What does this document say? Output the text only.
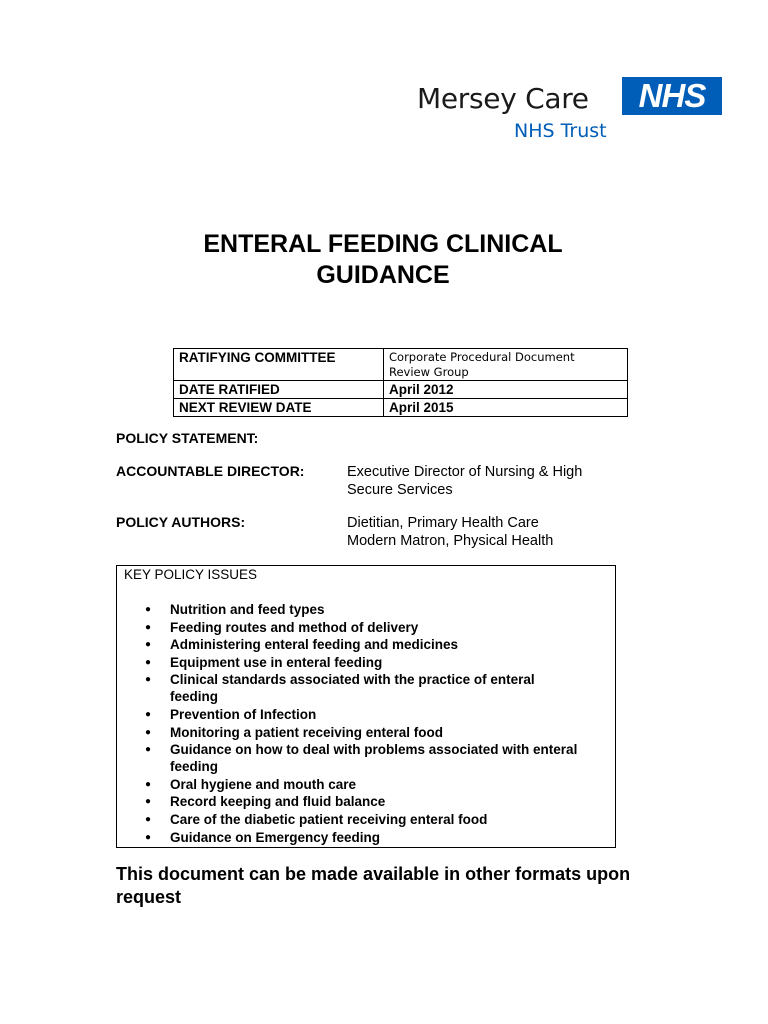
Mersey Care	NHS
NHS Trust
ENTERAL FEEDING CLINICAL
GUIDANCE
RATIFYING COMMITTEE	Corporate Procedural Document
Review Group

DATE RATIFIED	April 2012
NEXT REVIEW DATE	April 2015
POLICY STATEMENT:
ACCOUNTABLE DIRECTOR:	Executive Director of Nursing & High
Secure Services
POLICY AUTHORS:	Dietitian, Primary Health Care
Modern Matron, Physical Health
KEY POLICY ISSUES
● Nutrition and feed types
● Feeding routes and method of delivery
● Administering enteral feeding and medicines
● Equipment use in enteral feeding
● Clinical standards associated with the practice of enteral feeding
● Prevention of Infection
● Monitoring a patient receiving enteral food
● Guidance on how to deal with problems associated with enteral feeding
● Oral hygiene and mouth care
● Record keeping and fluid balance
● Care of the diabetic patient receiving enteral food
● Guidance on Emergency feeding
This document can be made available in other formats upon request
